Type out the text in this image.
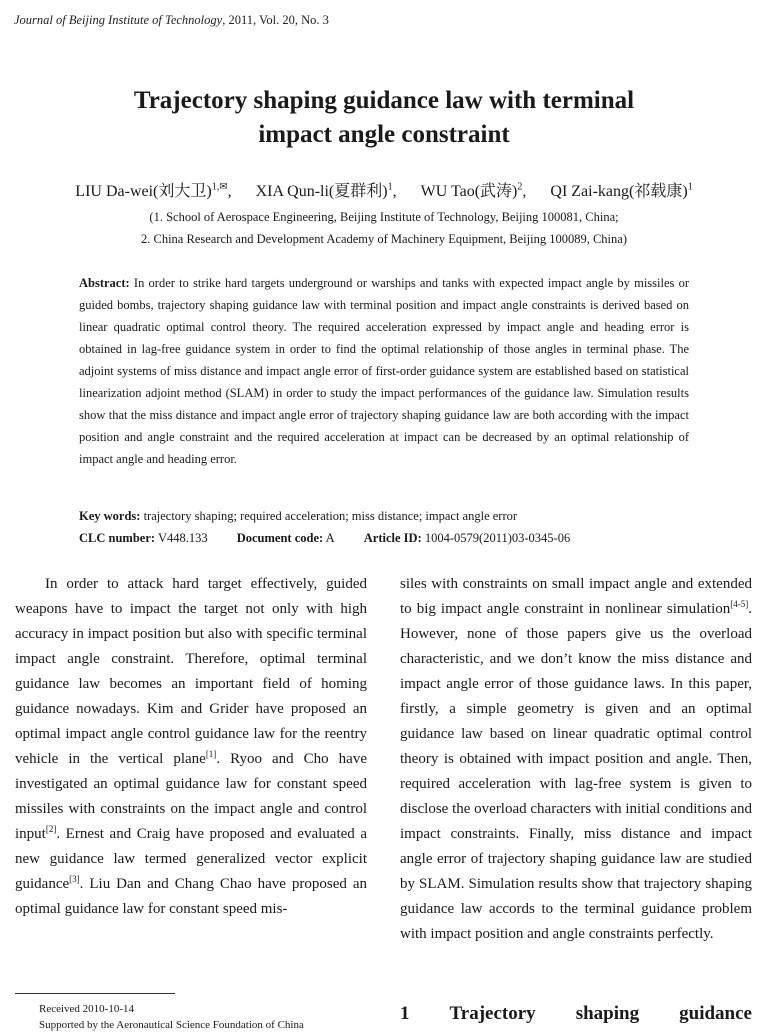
Journal of Beijing Institute of Technology, 2011, Vol. 20, No. 3
Trajectory shaping guidance law with terminal
impact angle constraint
LIU Da-wei(刘大卫)$^{1,✉}$, XIA Qun-li(夏群利)$^1$, WU Tao(武涛)$^2$, QI Zai-kang(祁载康)$^1$
(1. School of Aerospace Engineering, Beijing Institute of Technology, Beijing 100081, China;
2. China Research and Development Academy of Machinery Equipment, Beijing 100089, China)
Abstract: In order to strike hard targets underground or warships and tanks with expected impact angle by missiles or guided bombs, trajectory shaping guidance law with terminal position and impact angle constraints is derived based on linear quadratic optimal control theory. The required acceleration expressed by impact angle and heading error is obtained in lag-free guidance system in order to find the optimal relationship of those angles in terminal phase. The adjoint systems of miss distance and impact angle error of first-order guidance system are established based on statistical linearization adjoint method (SLAM) in order to study the impact performances of the guidance law. Simulation results show that the miss distance and impact angle error of trajectory shaping guidance law are both according with the impact position and angle constraint and the required acceleration at impact can be decreased by an optimal relationship of impact angle and heading error.
Key words: trajectory shaping; required acceleration; miss distance; impact angle error
CLC number: V448.133 Document code: A Article ID: 1004-0579(2011)03-0345-06

In order to attack hard target effectively, guided weapons have to impact the target not only with high accuracy in impact position but also with specific terminal impact angle constraint. Therefore, optimal terminal guidance law becomes an important field of homing guidance nowadays. Kim and Grider have proposed an optimal impact angle control guidance law for the reentry vehicle in the vertical plane[1]. Ryoo and Cho have investigated an optimal guidance law for constant speed missiles with constraints on the impact angle and control input[2]. Ernest and Craig have proposed and evaluated a new guidance law termed generalized vector explicit guidance[3]. Liu Dan and Chang Chao have proposed an optimal guidance law for constant speed mis-

siles with constraints on small impact angle and extended to big impact angle constraint in nonlinear simulation[4-5]. However, none of those papers give us the overload characteristic, and we don’t know the miss distance and impact angle error of those guidance laws. In this paper, firstly, a simple geometry is given and an optimal guidance law based on linear quadratic optimal control theory is obtained with impact position and angle. Then, required acceleration with lag-free system is given to disclose the overload characters with initial conditions and impact constraints. Finally, miss distance and impact angle error of trajectory shaping guidance law are studied by SLAM. Simulation results show that trajectory shaping guidance law accords to the terminal guidance problem with impact position and angle constraints perfectly.

Received 2010-10-14
Supported by the Aeronautical Science Foundation of China
1 Trajectory shaping guidance
